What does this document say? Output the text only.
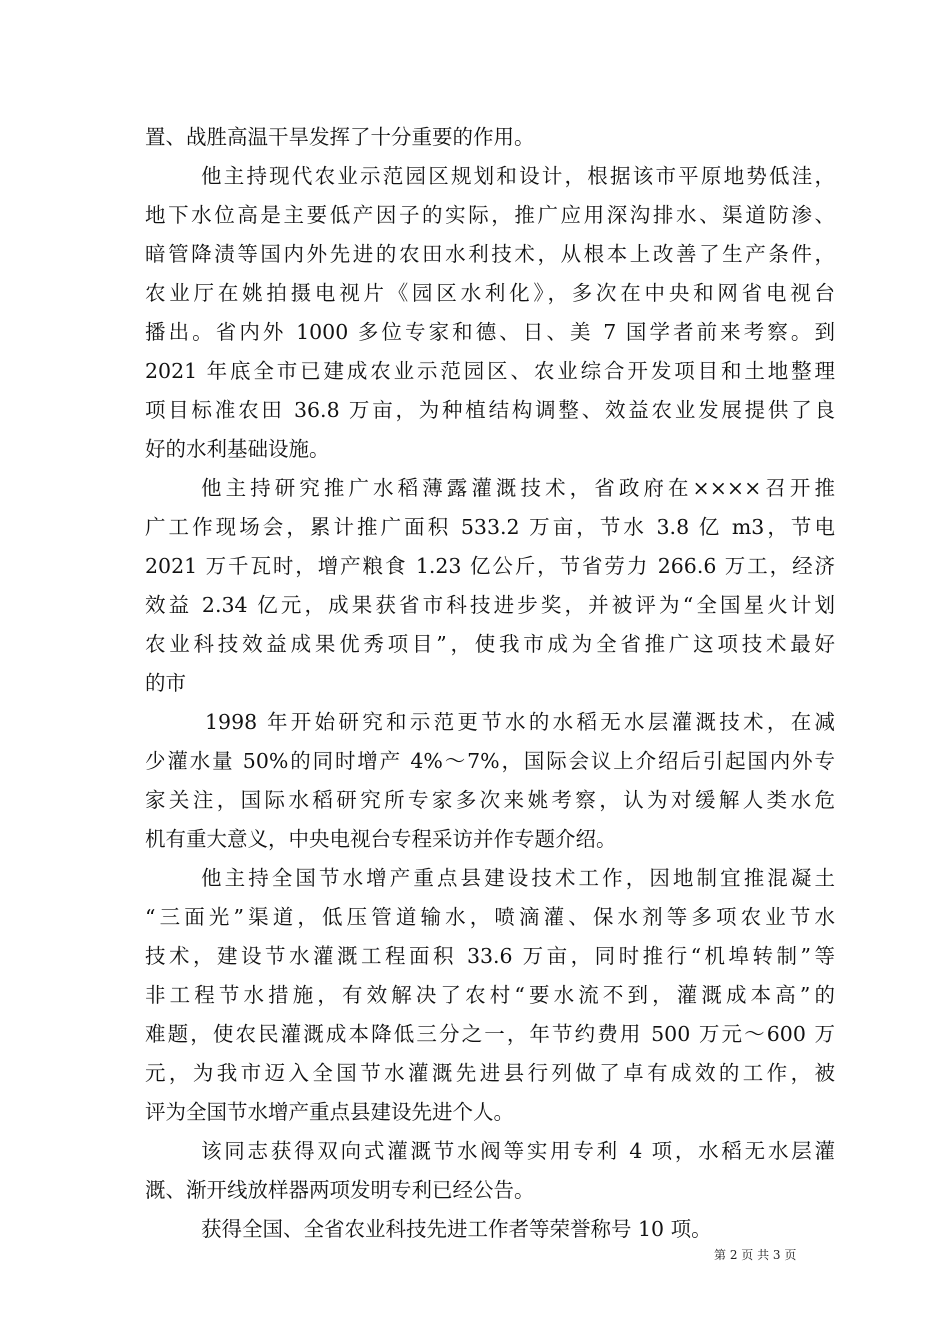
置、战胜高温干旱发挥了十分重要的作用。
他主持现代农业示范园区规划和设计，根据该市平原地势低洼，
地下水位高是主要低产因子的实际，推广应用深沟排水、渠道防渗、
暗管降渍等国内外先进的农田水利技术，从根本上改善了生产条件，
农业厅在姚拍摄电视片《园区水利化》，多次在中央和网省电视台
播出。省内外 1000 多位专家和德、日、美 7 国学者前来考察。到
2021 年底全市已建成农业示范园区、农业综合开发项目和土地整理
项目标准农田 36.8 万亩，为种植结构调整、效益农业发展提供了良
好的水利基础设施。
他主持研究推广水稻薄露灌溉技术，省政府在××××召开推
广工作现场会，累计推广面积 533.2 万亩，节水 3.8 亿 m3，节电
2021 万千瓦时，增产粮食 1.23 亿公斤，节省劳力 266.6 万工，经济
效益 2.34 亿元，成果获省市科技进步奖，并被评为“全国星火计划
农业科技效益成果优秀项目”，使我市成为全省推广这项技术最好
的市
1998 年开始研究和示范更节水的水稻无水层灌溉技术，在减
少灌水量 50%的同时增产 4%～7%，国际会议上介绍后引起国内外专
家关注，国际水稻研究所专家多次来姚考察，认为对缓解人类水危
机有重大意义，中央电视台专程采访并作专题介绍。
他主持全国节水增产重点县建设技术工作，因地制宜推混凝土
“三面光”渠道，低压管道输水，喷滴灌、保水剂等多项农业节水
技术，建设节水灌溉工程面积 33.6 万亩，同时推行“机埠转制”等
非工程节水措施，有效解决了农村“要水流不到，灌溉成本高”的
难题，使农民灌溉成本降低三分之一，年节约费用 500 万元～600 万
元，为我市迈入全国节水灌溉先进县行列做了卓有成效的工作，被
评为全国节水增产重点县建设先进个人。
该同志获得双向式灌溉节水阀等实用专利 4 项，水稻无水层灌
溉、渐开线放样器两项发明专利已经公告。
获得全国、全省农业科技先进工作者等荣誉称号 10 项。
第 2 页 共 3 页
